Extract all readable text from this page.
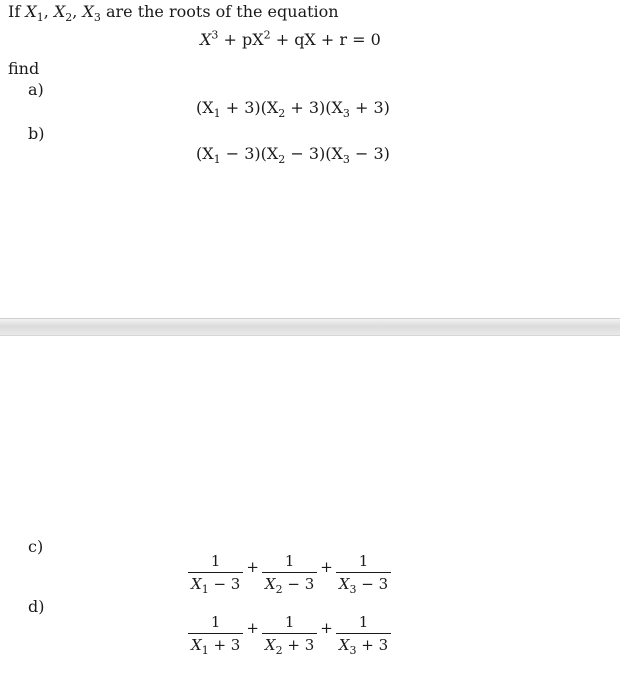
If $X_1$, $X_2$, $X_3$ are the roots of the equation
$X^3 + pX^2$ + qX + r = 0
find
a)
$(X_1 + 3)(X_2 + 3)(X_3 + 3)$
b)
$(X_1 - 3)(X_2 - 3)(X_3 - 3)$
c)
$\frac{1}{X_1 - 3} + \frac{1}{X_2 - 3} + \frac{1}{X_3 - 3}$
d)
$\frac{1}{X_1 + 3} + \frac{1}{X_2 + 3} + \frac{1}{X_3 + 3}$
